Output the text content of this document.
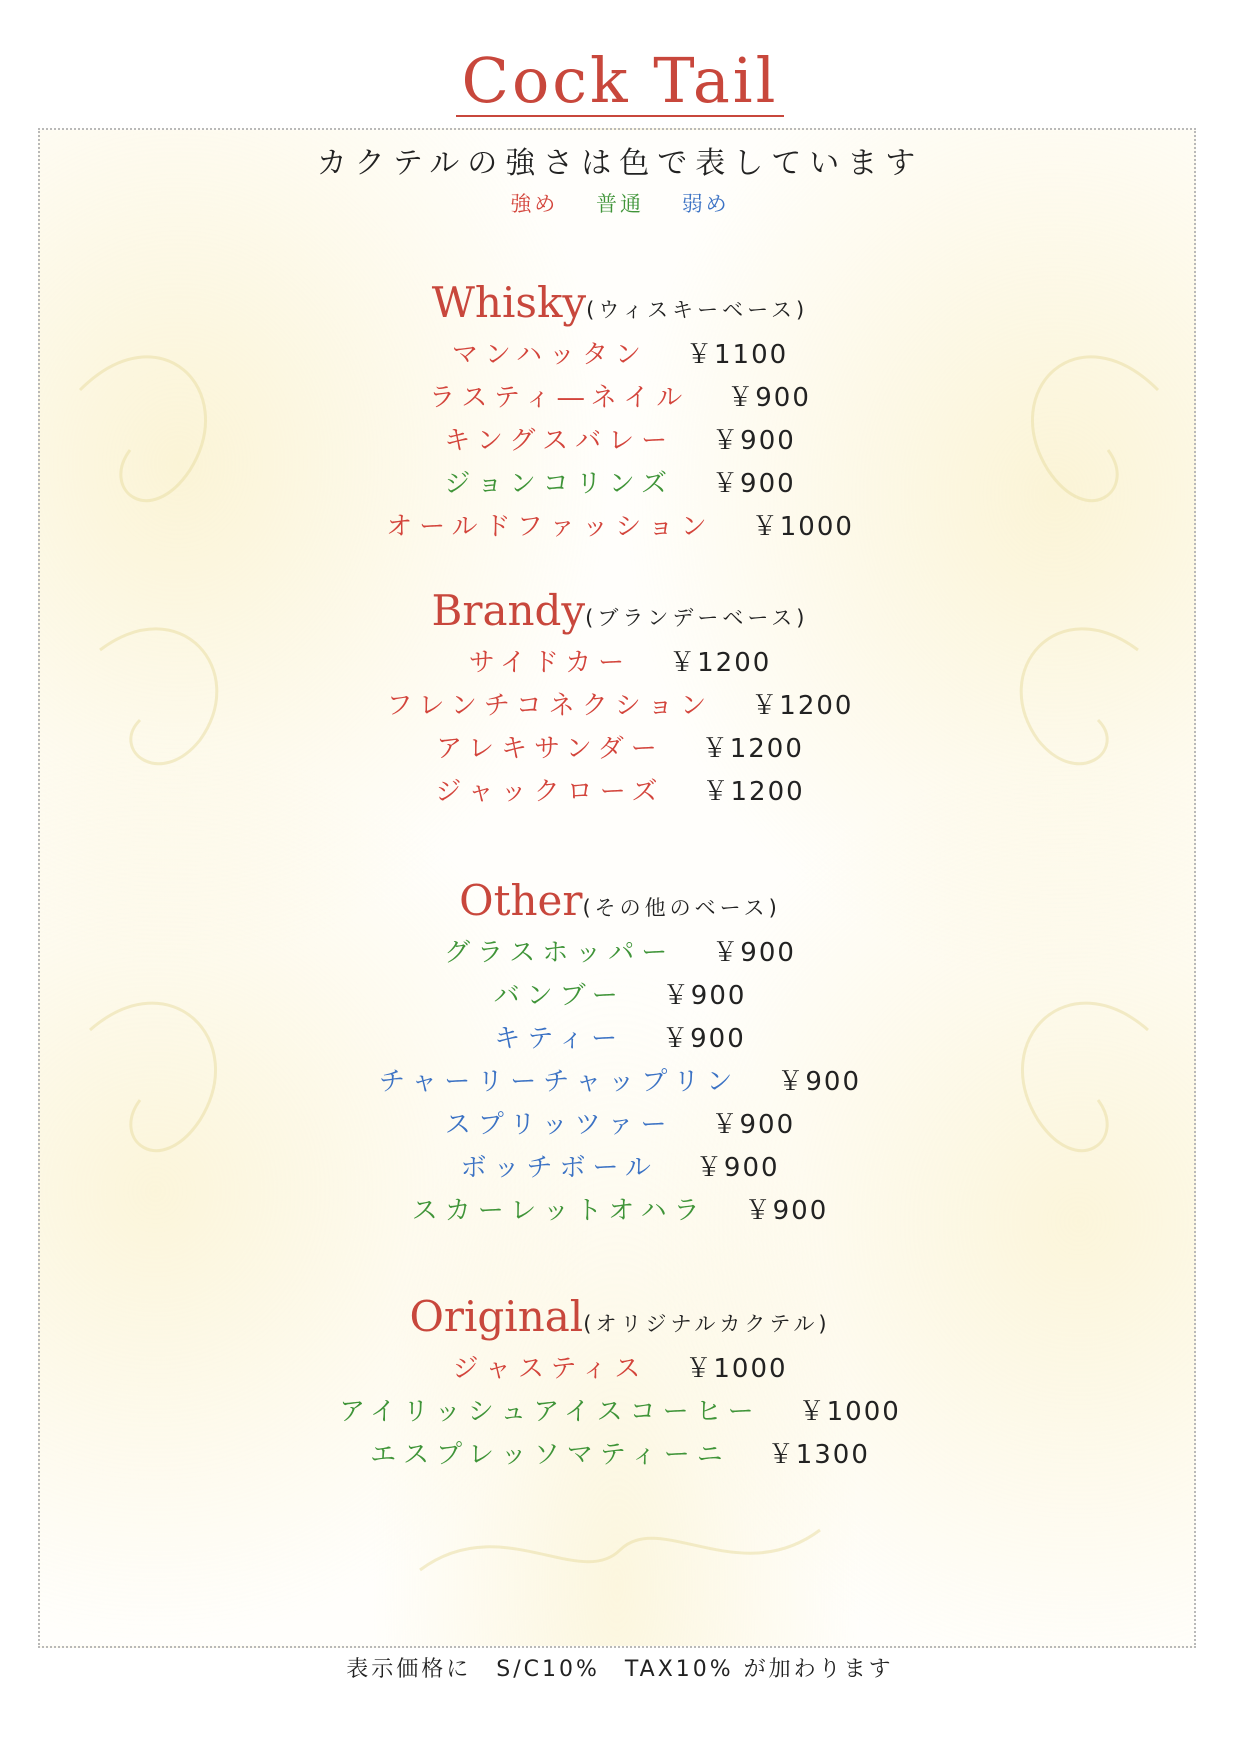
Cock Tail
カクテルの強さは色で表しています
強め 普通 弱め
Whisky(ウィスキーベース)
マンハッタン ￥1100
ラスティ―ネイル ￥900
キングスバレー ￥900
ジョンコリンズ ￥900
オールドファッション ￥1000
Brandy(ブランデーベース)
サイドカー ￥1200
フレンチコネクション ￥1200
アレキサンダー ￥1200
ジャックローズ ￥1200
Other(その他のベース)
グラスホッパー ￥900
バンブー ￥900
キティー ￥900
チャーリーチャップリン ￥900
スプリッツァー ￥900
ボッチボール ￥900
スカーレットオハラ ￥900
Original(オリジナルカクテル)
ジャスティス ￥1000
アイリッシュアイスコーヒー ￥1000
エスプレッソマティーニ ￥1300
表示価格に　S/C10%　TAX10% が加わります
